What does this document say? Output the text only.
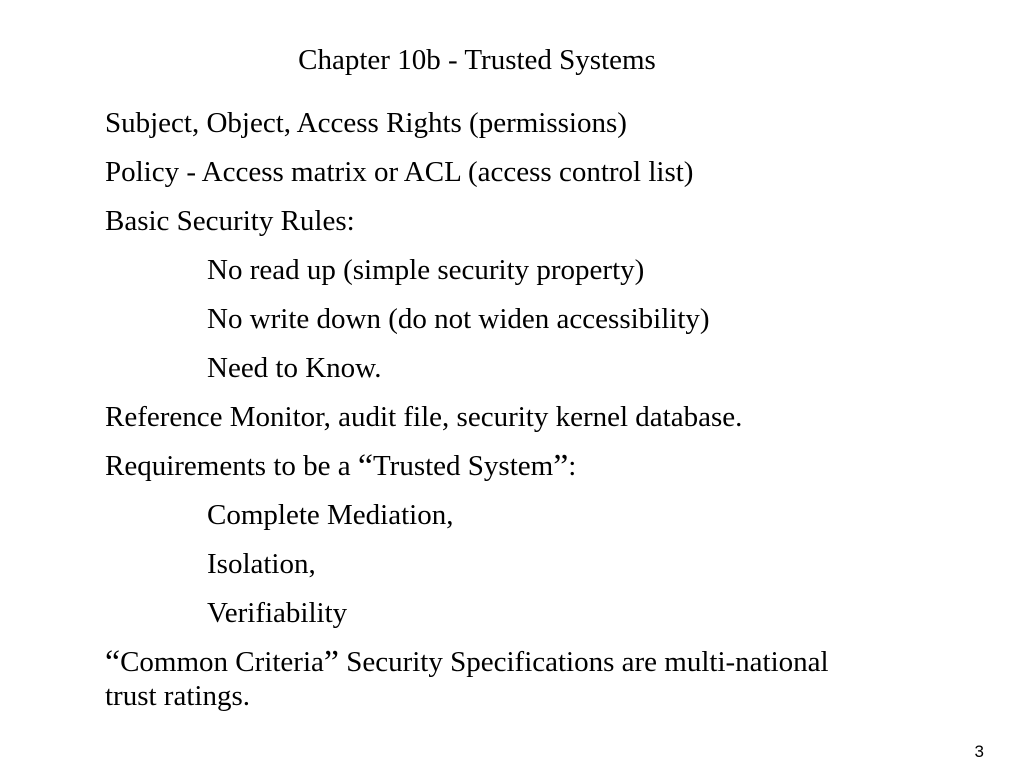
Chapter 10b - Trusted Systems
Subject, Object, Access Rights (permissions)
Policy - Access matrix or ACL (access control list)
Basic Security Rules:
No read up (simple security property)
No write down (do not widen accessibility)
Need to Know.
Reference Monitor, audit file, security kernel database.
Requirements to be a “Trusted System”:
Complete Mediation,
Isolation,
Verifiability
“Common Criteria” Security Specifications are multi-national trust ratings.
3
